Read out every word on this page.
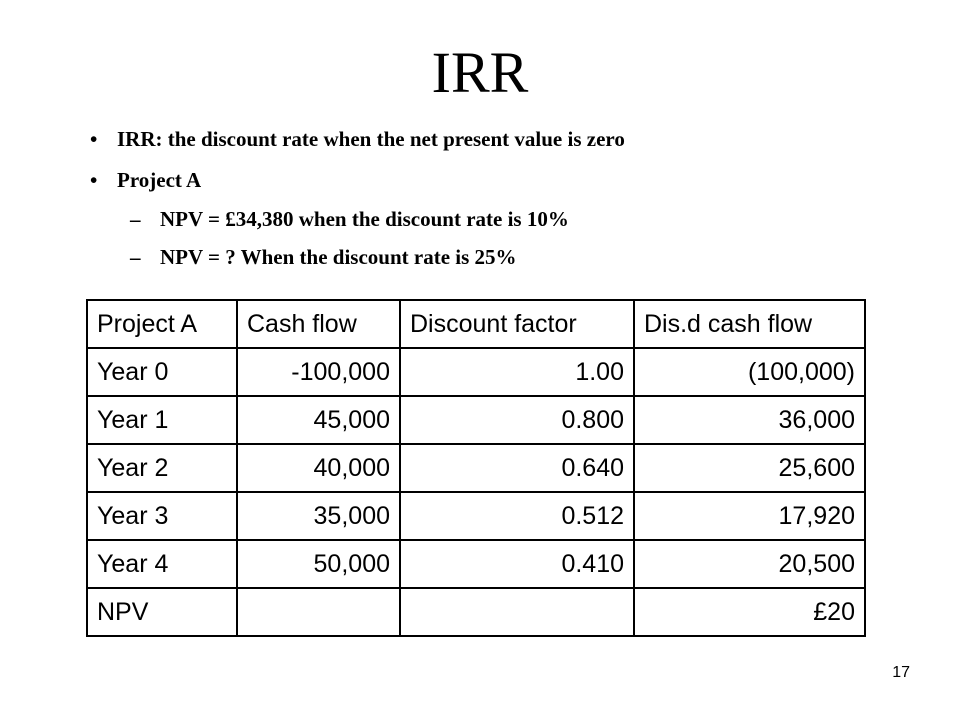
IRR
• IRR: the discount rate when the net present value is zero
• Project A
– NPV = £34,380 when the discount rate is 10%
– NPV = ? When the discount rate is 25%
Project A	Cash flow	Discount factor	Dis.d cash flow
Year 0	-100,000	1.00	(100,000)
Year 1	45,000	0.800	36,000
Year 2	40,000	0.640	25,600
Year 3	35,000	0.512	17,920
Year 4	50,000	0.410	20,500
NPV			£20
17
